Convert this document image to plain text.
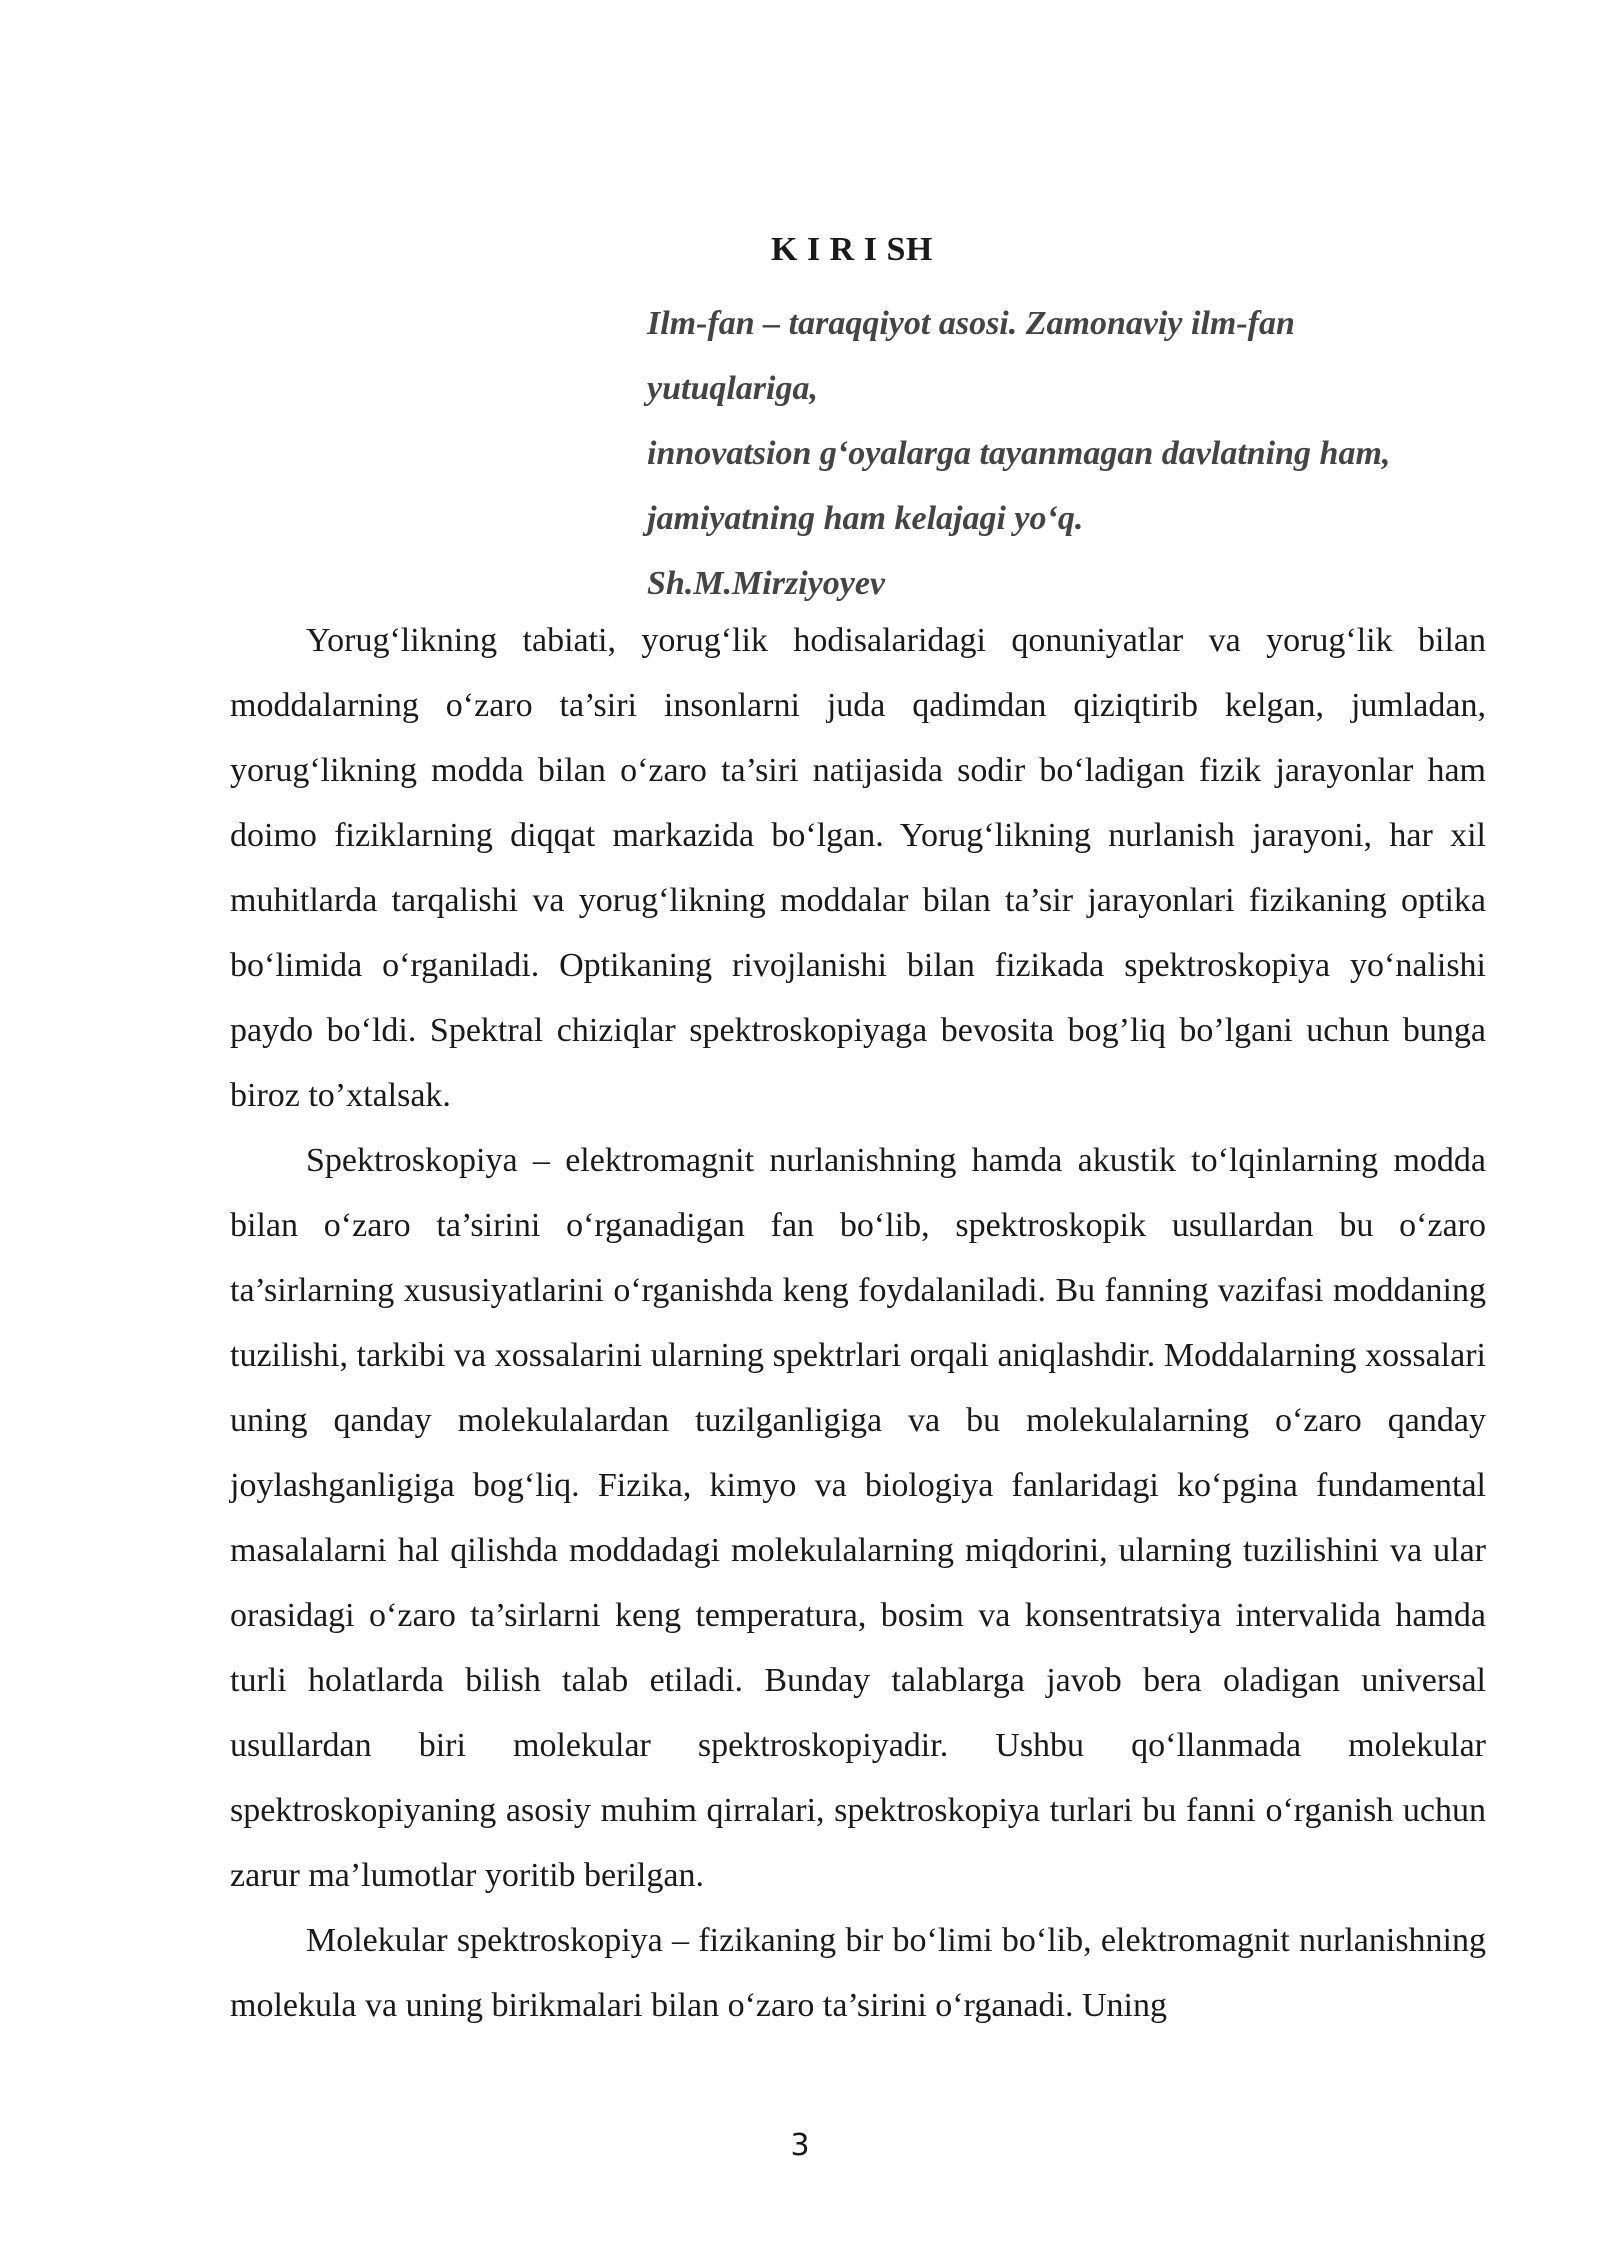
K I R I SH
Ilm-fan – taraqqiyot asosi. Zamonaviy ilm-fan
yutuqlariga,
innovatsion g‘oyalarga tayanmagan davlatning ham,
jamiyatning ham kelajagi yo‘q.
Sh.M.Mirziyoyev

Yorug‘likning tabiati, yorug‘lik hodisalaridagi qonuniyatlar va yorug‘lik bilan moddalarning o‘zaro ta’siri insonlarni juda qadimdan qiziqtirib kelgan, jumladan, yorug‘likning modda bilan o‘zaro ta’siri natijasida sodir bo‘ladigan fizik jarayonlar ham doimo fiziklarning diqqat markazida bo‘lgan. Yorug‘likning nurlanish jarayoni, har xil muhitlarda tarqalishi va yorug‘likning moddalar bilan ta’sir jarayonlari fizikaning optika bo‘limida o‘rganiladi. Optikaning rivojlanishi bilan fizikada spektroskopiya yo‘nalishi paydo bo‘ldi. Spektral chiziqlar spektroskopiyaga bevosita bog’liq bo’lgani uchun bunga biroz to’xtalsak.

Spektroskopiya – elektromagnit nurlanishning hamda akustik to‘lqinlarning modda bilan o‘zaro ta’sirini o‘rganadigan fan bo‘lib, spektroskopik usullardan bu o‘zaro ta’sirlarning xususiyatlarini o‘rganishda keng foydalaniladi. Bu fanning vazifasi moddaning tuzilishi, tarkibi va xossalarini ularning spektrlari orqali aniqlashdir. Moddalarning xossalari uning qanday molekulalardan tuzilganligiga va bu molekulalarning o‘zaro qanday joylashganligiga bog‘liq. Fizika, kimyo va biologiya fanlaridagi ko‘pgina fundamental masalalarni hal qilishda moddadagi molekulalarning miqdorini, ularning tuzilishini va ular orasidagi o‘zaro ta’sirlarni keng temperatura, bosim va konsentratsiya intervalida hamda turli holatlarda bilish talab etiladi. Bunday talablarga javob bera oladigan universal usullardan biri molekular spektroskopiyadir. Ushbu qo‘llanmada molekular spektroskopiyaning asosiy muhim qirralari, spektroskopiya turlari bu fanni o‘rganish uchun zarur ma’lumotlar yoritib berilgan.

Molekular spektroskopiya – fizikaning bir bo‘limi bo‘lib, elektromagnit nurlanishning molekula va uning birikmalari bilan o‘zaro ta’sirini o‘rganadi. Uning

3
